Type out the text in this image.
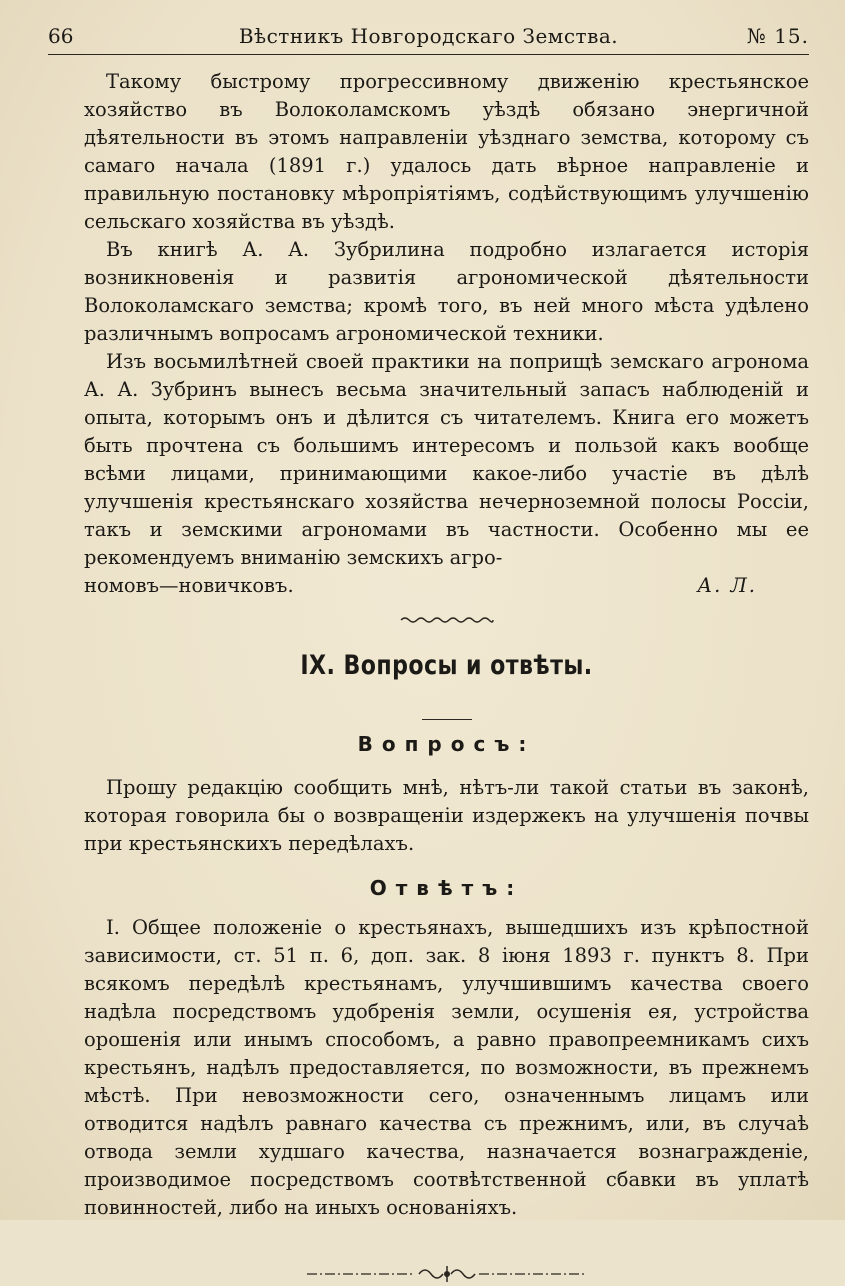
66	Вѣстникъ Новгородскаго Земства.	№ 15.

Такому быстрому прогрессивному движенію крестьянское хозяйство въ Волоколамскомъ уѣздѣ обязано энергичной дѣятельности въ этомъ направленіи уѣзднаго земства, которому съ самаго начала (1891 г.) удалось дать вѣрное направленіе и правильную постановку мѣропріятіямъ, содѣйствующимъ улучшенію сельскаго хозяйства въ уѣздѣ.

Въ книгѣ А. А. Зубрилина подробно излагается исторія возникновенія и развитія агрономической дѣятельности Волоколамскаго земства; кромѣ того, въ ней много мѣста удѣлено различнымъ вопросамъ агрономической техники.

Изъ восьмилѣтней своей практики на поприщѣ земскаго агронома А. А. Зубринъ вынесъ весьма значительный запасъ наблюденій и опыта, которымъ онъ и дѣлится съ читателемъ. Книга его можетъ быть прочтена съ большимъ интересомъ и пользой какъ вообще всѣми лицами, принимающими какое-либо участіе въ дѣлѣ улучшенія крестьянскаго хозяйства нечерноземной полосы Россіи, такъ и земскими агрономами въ частности. Особенно мы ее рекомендуемъ вниманію земскихъ агро-

номовъ—новичковъ.	А. Л.
IX. Вопросы и отвѣты.
Вопросъ:

Прошу редакцію сообщить мнѣ, нѣтъ-ли такой статьи въ законѣ, которая говорила бы о возвращеніи издержекъ на улучшенія почвы при крестьянскихъ передѣлахъ.

Отвѣтъ:

I. Общее положеніе о крестьянахъ, вышедшихъ изъ крѣпостной зависимости, ст. 51 п. 6, доп. зак. 8 іюня 1893 г. пунктъ 8. При всякомъ передѣлѣ крестьянамъ, улучшившимъ качества своего надѣла посредствомъ удобренія земли, осушенія ея, устройства орошенія или инымъ способомъ, а равно правопреемникамъ сихъ крестьянъ, надѣлъ предоставляется, по возможности, въ прежнемъ мѣстѣ. При невозможности сего, означеннымъ лицамъ или отводится надѣлъ равнаго качества съ прежнимъ, или, въ случаѣ отвода земли худшаго качества, назначается вознагражденіе, производимое посредствомъ соотвѣтственной сбавки въ уплатѣ повинностей, либо на иныхъ основаніяхъ.
